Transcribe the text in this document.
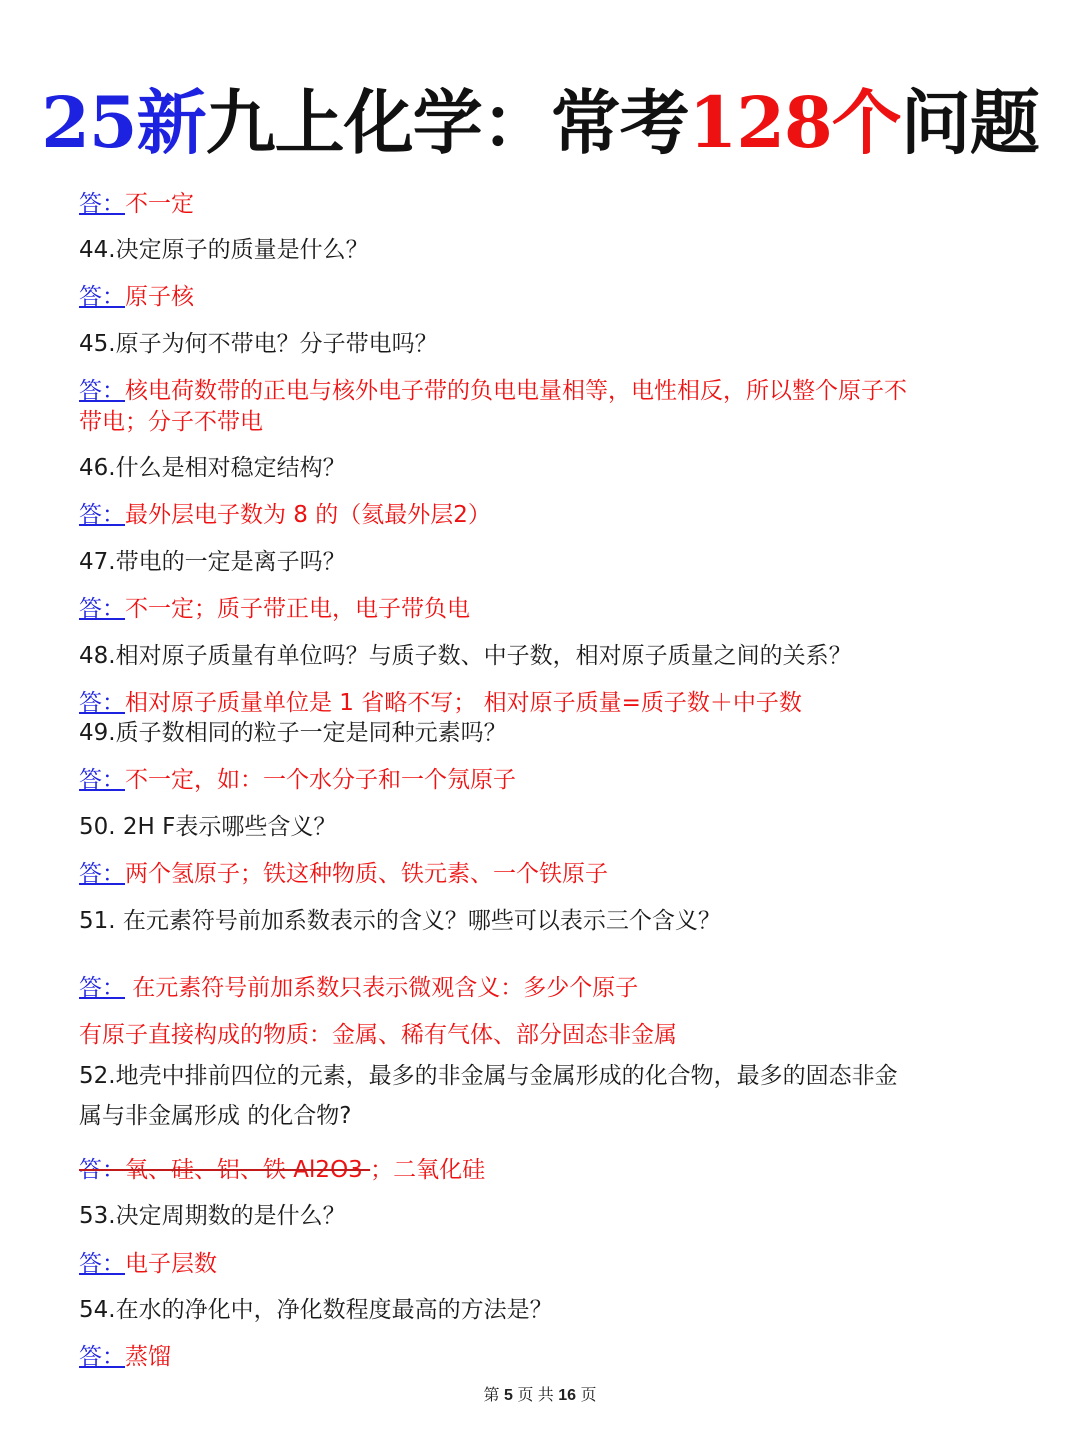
25新九上化学：常考128个问题
答：不一定
44.决定原子的质量是什么？
答：原子核
45.原子为何不带电？分子带电吗？
答：核电荷数带的正电与核外电子带的负电电量相等，电性相反，所以整个原子不
带电；分子不带电
46.什么是相对稳定结构？
答：最外层电子数为 8 的（氦最外层2）
47.带电的一定是离子吗？
答：不一定；质子带正电，电子带负电
48.相对原子质量有单位吗？与质子数、中子数，相对原子质量之间的关系？
答：相对原子质量单位是 1 省略不写； 相对原子质量=质子数＋中子数
49.质子数相同的粒子一定是同种元素吗？
答：不一定，如：一个水分子和一个氖原子
50. 2H F表示哪些含义？
答：两个氢原子；铁这种物质、铁元素、一个铁原子
51. 在元素符号前加系数表示的含义？哪些可以表示三个含义？
答： 在元素符号前加系数只表示微观含义：多少个原子
有原子直接构成的物质：金属、稀有气体、部分固态非金属
52.地壳中排前四位的元素，最多的非金属与金属形成的化合物，最多的固态非金
属与非金属形成 的化合物?
答：氧、硅、铝、铁 Al2O3 ；二氧化硅
53.决定周期数的是什么？
答：电子层数
54.在水的净化中，净化数程度最高的方法是？
答：蒸馏
第 5 页 共 16 页
